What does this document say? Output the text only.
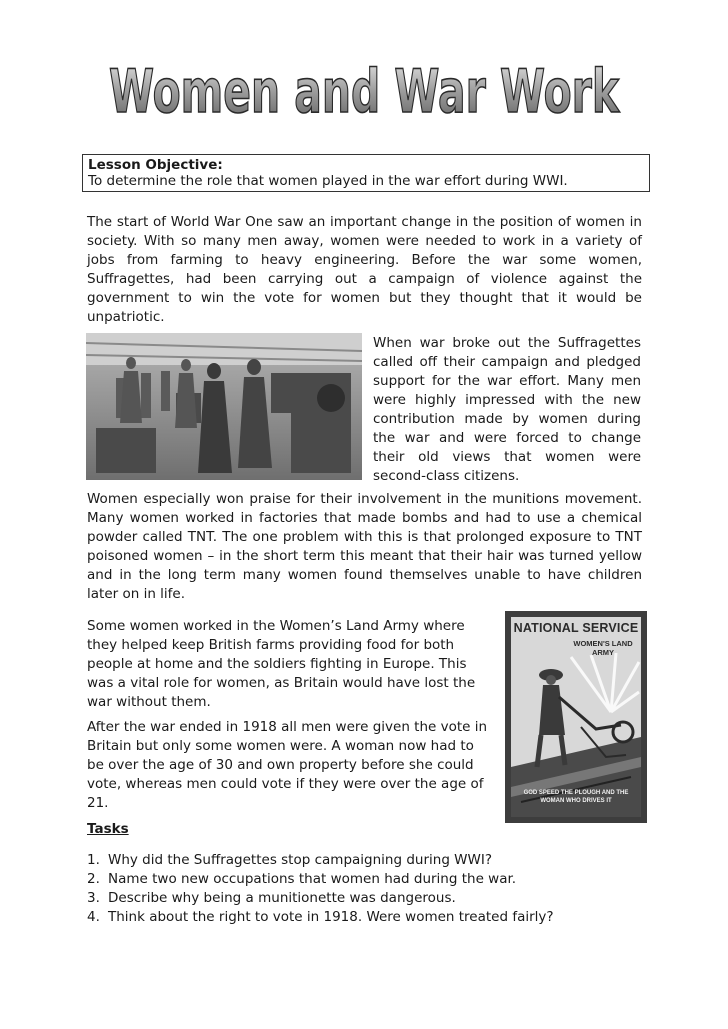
Women and War Work
Lesson Objective:
To determine the role that women played in the war effort during WWI.

The start of World War One saw an important change in the position of women in society. With so many men away, women were needed to work in a variety of jobs from farming to heavy engineering. Before the war some women, Suffragettes, had been carrying out a campaign of violence against the government to win the vote for women but they thought that it would be unpatriotic.

When war broke out the Suffragettes called off their campaign and pledged support for the war effort. Many men were highly impressed with the new contribution made by women during the war and were forced to change their old views that women were second-class citizens.

Women especially won praise for their involvement in the munitions movement. Many women worked in factories that made bombs and had to use a chemical powder called TNT. The one problem with this is that prolonged exposure to TNT poisoned women – in the short term this meant that their hair was turned yellow and in the long term many women found themselves unable to have children later on in life.

Some women worked in the Women’s Land Army where they helped keep British farms providing food for both people at home and the soldiers fighting in Europe. This was a vital role for women, as Britain would have lost the war without them.

After the war ended in 1918 all men were given the vote in Britain but only some women were. A woman now had to be over the age of 30 and own property before she could vote, whereas men could vote if they were over the age of 21.

NATIONAL SERVICE
WOMEN'S LAND ARMY
GOD SPEED THE PLOUGH AND THE WOMAN WHO DRIVES IT
Tasks
1. Why did the Suffragettes stop campaigning during WWI?
2. Name two new occupations that women had during the war.
3. Describe why being a munitionette was dangerous.
4. Think about the right to vote in 1918. Were women treated fairly?
